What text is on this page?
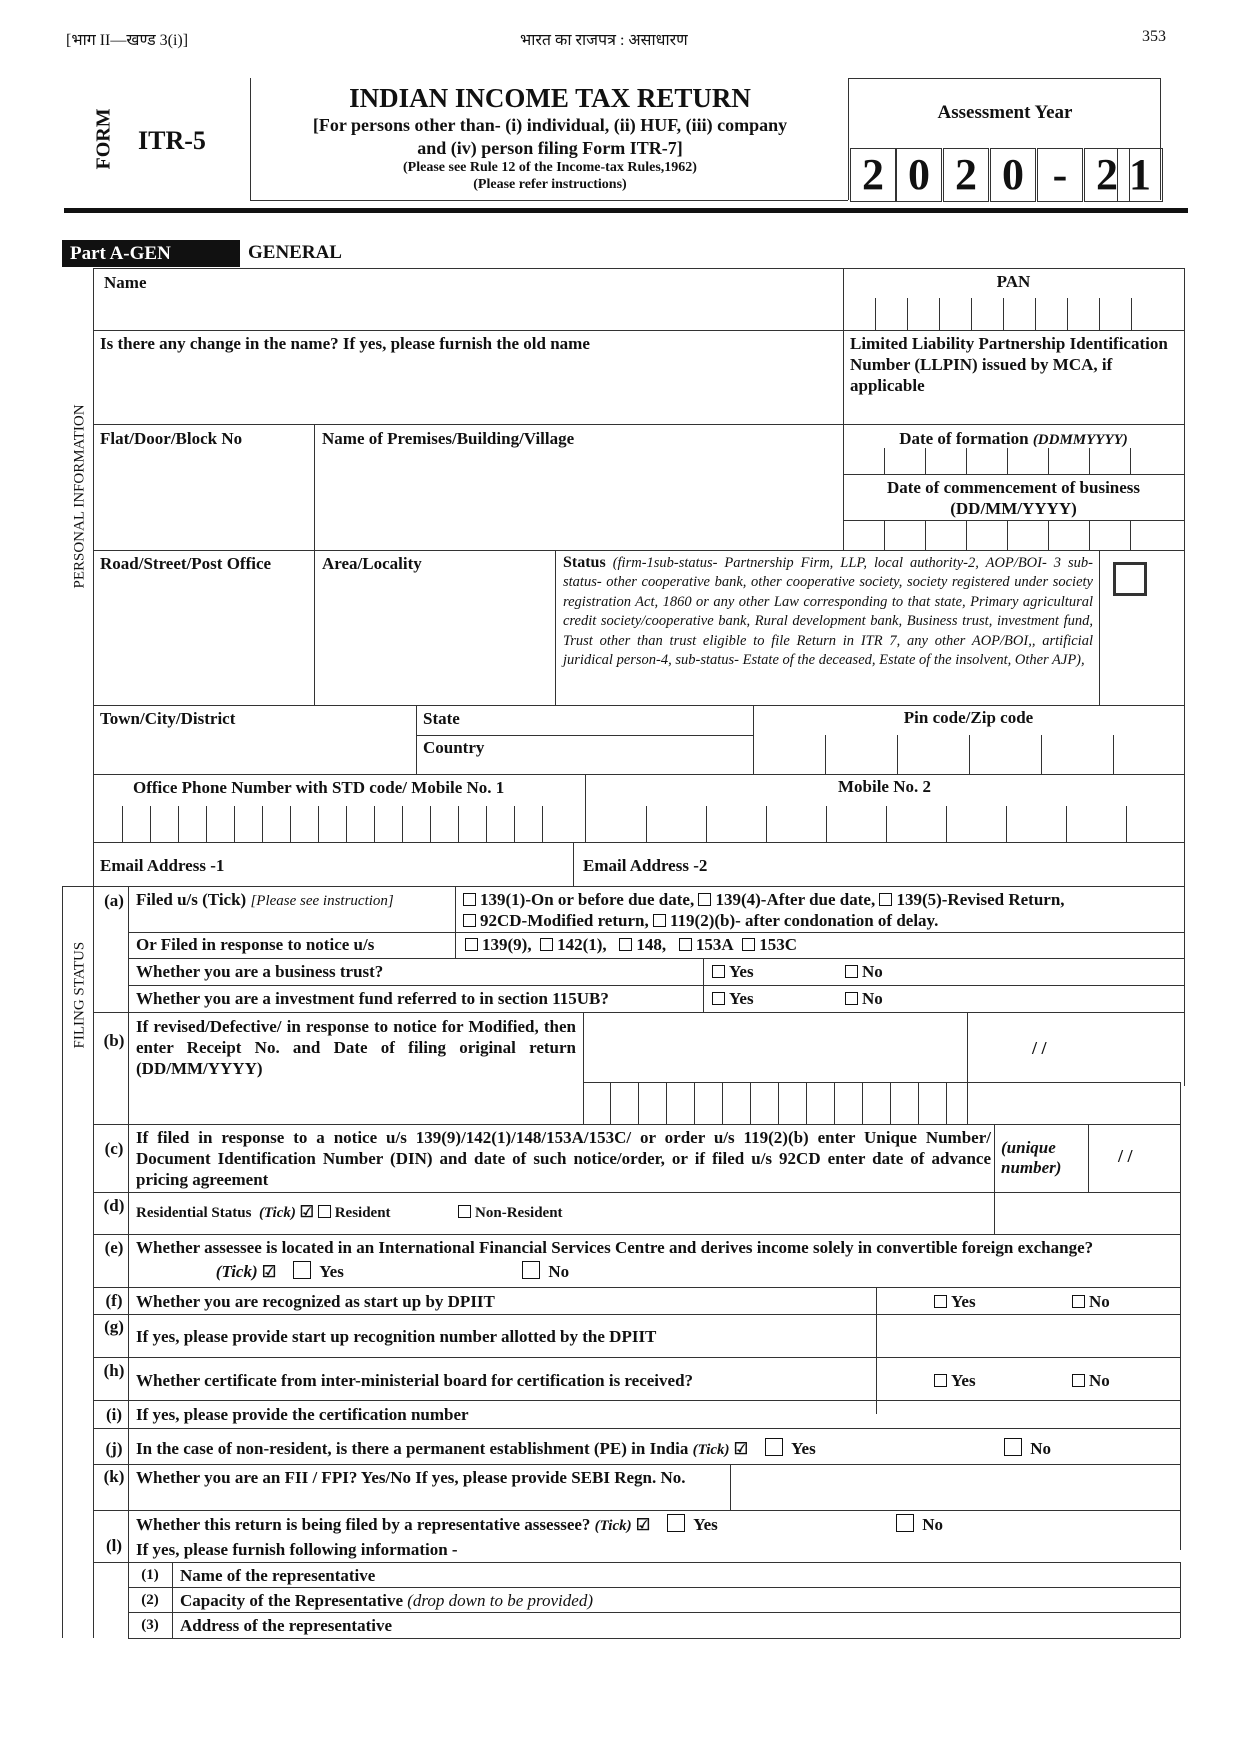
[भाग II—खण्ड 3(i)]	भारत का राजपत्र : असाधारण	353
FORM ITR-5
INDIAN INCOME TAX RETURN
[For persons other than- (i) individual, (ii) HUF, (iii) company
and (iv) person filing Form ITR-7]
(Please see Rule 12 of the Income-tax Rules,1962)
(Please refer instructions)
Assessment Year
2 0 2 0 - 2 1
Part A-GEN	GENERAL
PERSONAL INFORMATION
FILING STATUS
Name	PAN
Is there any change in the name? If yes, please furnish the old name	Limited Liability Partnership Identification Number (LLPIN) issued by MCA, if applicable
Flat/Door/Block No	Name of Premises/Building/Village	Date of formation (DDMMYYYY)
Date of commencement of business
(DD/MM/YYYY)
Road/Street/Post Office	Area/Locality	Status (firm-1sub-status- Partnership Firm, LLP, local authority-2, AOP/BOI- 3 sub-status- other cooperative bank, other cooperative society, society registered under society registration Act, 1860 or any other Law corresponding to that state, Primary agricultural credit society/cooperative bank, Rural development bank, Business trust, investment fund, Trust other than trust eligible to file Return in ITR 7, any other AOP/BOI,, artificial juridical person-4, sub-status- Estate of the deceased, Estate of the insolvent, Other AJP),
Town/City/District	State
Country
Pin code/Zip code
Office Phone Number with STD code/ Mobile No. 1	Mobile No. 2
Email Address -1	Email Address -2
(a) Filed u/s (Tick) [Please see instruction]	139(1)-On or before due date, 139(4)-After due date, 139(5)-Revised Return,
92CD-Modified return, 119(2)(b)- after condonation of delay.
Or Filed in response to notice u/s	139(9), 142(1), 148, 153A 153C
Whether you are a business trust?	Yes	No
Whether you are a investment fund referred to in section 115UB?	Yes	No
(b)
If revised/Defective/ in response to notice for Modified, then enter Receipt No. and Date of filing original return (DD/MM/YYYY)
/ /
(c)
If filed in response to a notice u/s 139(9)/142(1)/148/153A/153C/ or order u/s 119(2)(b) enter Unique Number/ Document Identification Number (DIN) and date of such notice/order, or if filed u/s 92CD enter date of advance pricing agreement
(unique number)
/ /
(d) Residential Status (Tick) ☑ Resident	Non-Resident
(e) Whether assessee is located in an International Financial Services Centre and derives income solely in convertible foreign exchange?
(Tick) ☑	Yes	No
(f) Whether you are recognized as start up by DPIIT	Yes	No
(g)
If yes, please provide start up recognition number allotted by the DPIIT
(h)
Whether certificate from inter-ministerial board for certification is received?	Yes	No
(i) If yes, please provide the certification number
(j) In the case of non-resident, is there a permanent establishment (PE) in India (Tick) ☑	Yes	No
(k) Whether you are an FII / FPI? Yes/No If yes, please provide SEBI Regn. No.
(l)
Whether this return is being filed by a representative assessee? (Tick) ☑	Yes	No
If yes, please furnish following information -
(1)	Name of the representative
(2)	Capacity of the Representative (drop down to be provided)
(3)	Address of the representative
